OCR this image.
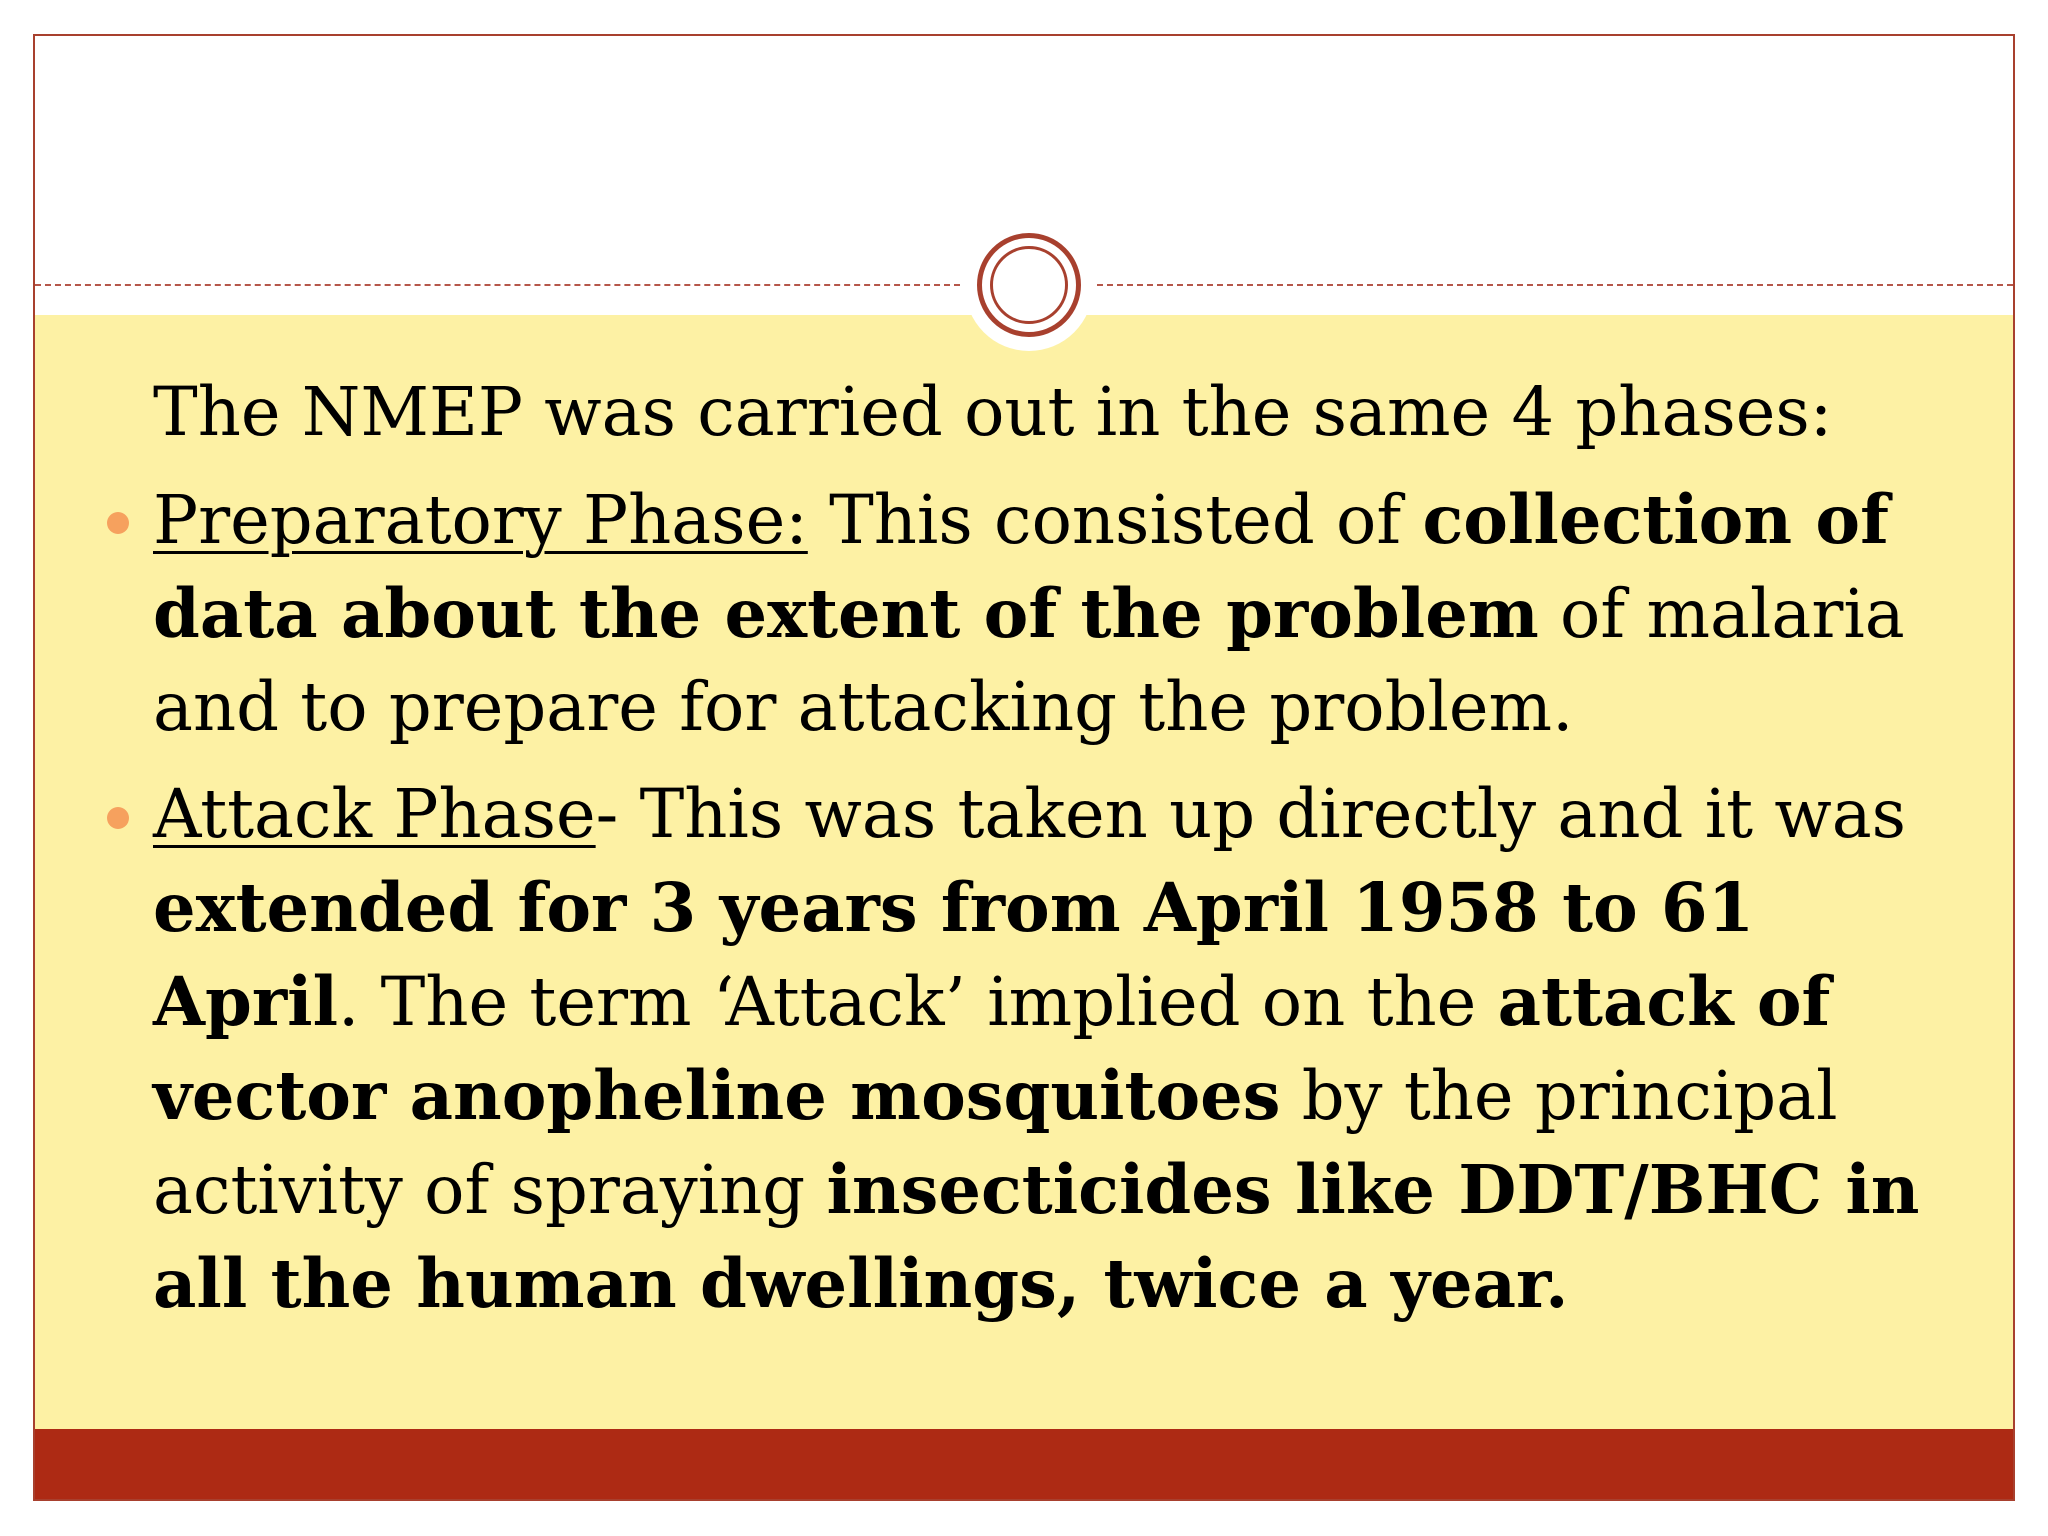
The NMEP was carried out in the same 4 phases:

Preparatory Phase: This consisted of collection of data about the extent of the problem of malaria and to prepare for attacking the problem.

Attack Phase- This was taken up directly and it was extended for 3 years from April 1958 to 61 April. The term ‘Attack’ implied on the attack of vector anopheline mosquitoes by the principal activity of spraying insecticides like DDT/BHC in all the human dwellings, twice a year.
